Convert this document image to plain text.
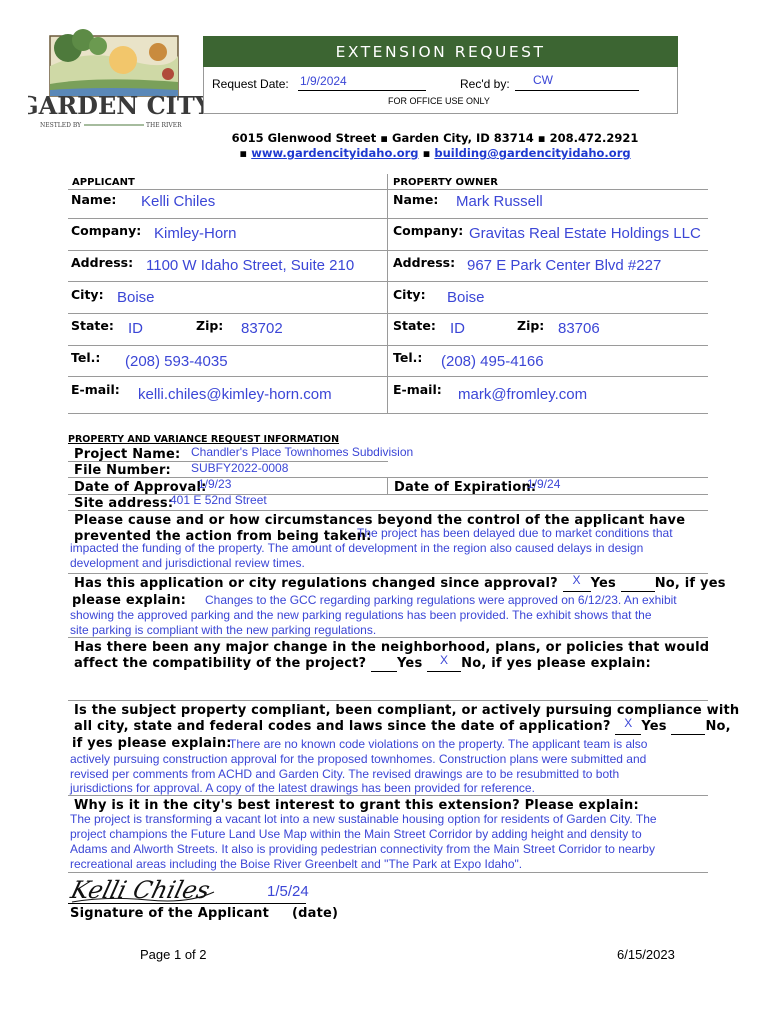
GARDEN CITY
NESTLED BY	THE RIVER
EXTENSION REQUEST
Request Date: 1/9/2024	Rec'd by: CW
FOR OFFICE USE ONLY
6015 Glenwood Street ▪ Garden City, ID 83714 ▪ 208.472.2921
▪ www.gardencityidaho.org ▪ building@gardencityidaho.org
APPLICANT	PROPERTY OWNER
Name: Kelli Chiles
Company: Kimley-Horn
Address: 1100 W Idaho Street, Suite 210
City: Boise
State: ID	Zip: 83702
Tel.: (208) 593-4035
E-mail: kelli.chiles@kimley-horn.com
Name: Mark Russell
Company: Gravitas Real Estate Holdings LLC
Address: 967 E Park Center Blvd #227
City: Boise
State: ID	Zip: 83706
Tel.: (208) 495-4166
E-mail: mark@fromley.com
PROPERTY AND VARIANCE REQUEST INFORMATION
Project Name: Chandler's Place Townhomes Subdivision
File Number: SUBFY2022-0008
Date of Approval:
1/9/23	Date of Expiration:
1/9/24
Site address:
401 E 52nd Street
Please cause and or how circumstances beyond the control of the applicant have
prevented the action from being taken:
The project has been delayed due to market conditions that
impacted the funding of the property. The amount of development in the region also caused delays in design
development and jurisdictional review times.
Has this application or city regulations changed since approval? X Yes	No, if yes
please explain: Changes to the GCC regarding parking regulations were approved on 6/12/23. An exhibit
showing the approved parking and the new parking regulations has been provided. The exhibit shows that the
site parking is compliant with the new parking regulations.
Has there been any major change in the neighborhood, plans, or policies that would
affect the compatibility of the project?  Yes X No, if yes please explain:
Is the subject property compliant, been compliant, or actively pursuing compliance with
all city, state and federal codes and laws since the date of application? X Yes	No,
if yes please explain:
There are no known code violations on the property. The applicant team is also
actively pursuing construction approval for the proposed townhomes. Construction plans were submitted and
revised per comments from ACHD and Garden City. The revised drawings are to be resubmitted to both
jurisdictions for approval. A copy of the latest drawings has been provided for reference.
Why is it in the city's best interest to grant this extension? Please explain:
The project is transforming a vacant lot into a new sustainable housing option for residents of Garden City. The
project champions the Future Land Use Map within the Main Street Corridor by adding height and density to
Adams and Alworth Streets. It also is providing pedestrian connectivity from the Main Street Corridor to nearby
recreational areas including the Boise River Greenbelt and "The Park at Expo Idaho".
Kelli Chiles	1/5/24
Signature of the Applicant (date)
Page 1 of 2	6/15/2023
